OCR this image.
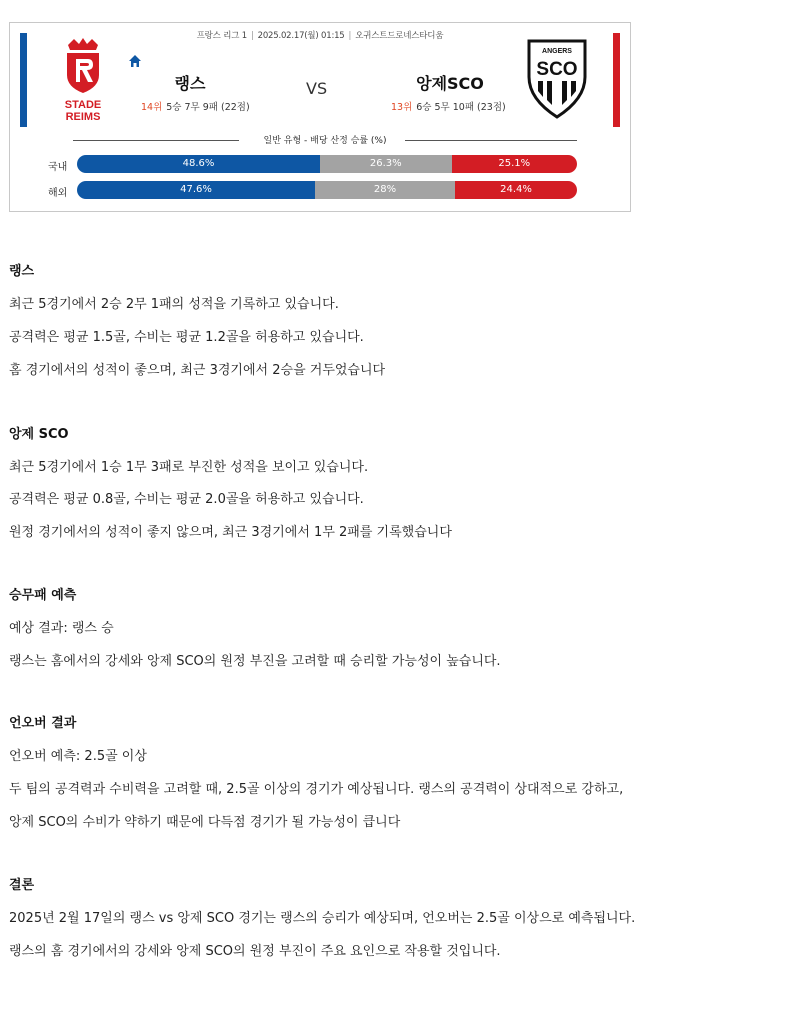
프랑스 리그 1 | 2025.02.17(월) 01:15 | 오귀스트드로네스타디움
STADE
REIMS
랭스	VS	앙제SCO
14위 5승 7무 9패 (22점)	13위 6승 5무 10패 (23점)
ANGERS
SCO
일반 유형 - 배당 산정 승률 (%)
국내	48.6%	26.3%	25.1%
해외	47.6%	28%	24.4%
랭스
최근 5경기에서 2승 2무 1패의 성적을 기록하고 있습니다.
공격력은 평균 1.5골, 수비는 평균 1.2골을 허용하고 있습니다.
홈 경기에서의 성적이 좋으며, 최근 3경기에서 2승을 거두었습니다
앙제 SCO
최근 5경기에서 1승 1무 3패로 부진한 성적을 보이고 있습니다.
공격력은 평균 0.8골, 수비는 평균 2.0골을 허용하고 있습니다.
원정 경기에서의 성적이 좋지 않으며, 최근 3경기에서 1무 2패를 기록했습니다
승무패 예측
예상 결과: 랭스 승
랭스는 홈에서의 강세와 앙제 SCO의 원정 부진을 고려할 때 승리할 가능성이 높습니다.
언오버 결과
언오버 예측: 2.5골 이상
두 팀의 공격력과 수비력을 고려할 때, 2.5골 이상의 경기가 예상됩니다. 랭스의 공격력이 상대적으로 강하고,
앙제 SCO의 수비가 약하기 때문에 다득점 경기가 될 가능성이 큽니다
결론
2025년 2월 17일의 랭스 vs 앙제 SCO 경기는 랭스의 승리가 예상되며, 언오버는 2.5골 이상으로 예측됩니다.
랭스의 홈 경기에서의 강세와 앙제 SCO의 원정 부진이 주요 요인으로 작용할 것입니다.
